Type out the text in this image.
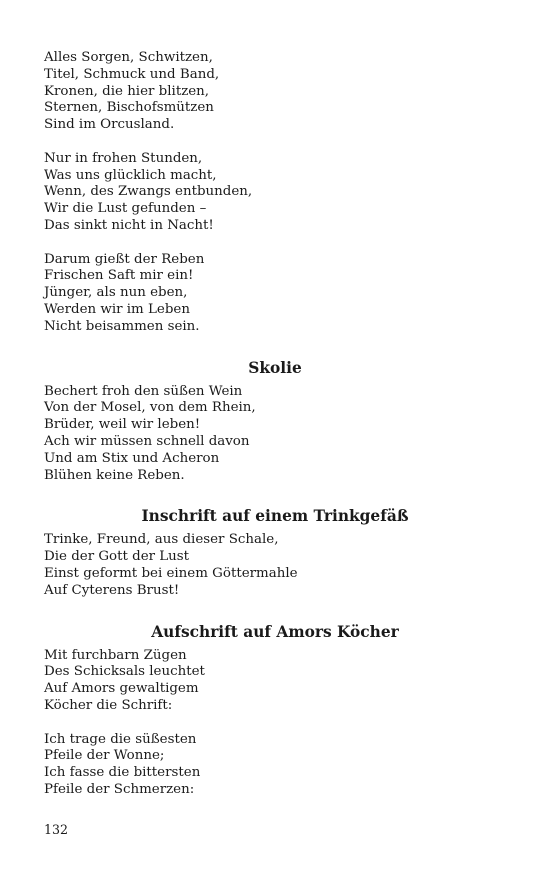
Alles Sorgen, Schwitzen,
Titel, Schmuck und Band,
Kronen, die hier blitzen,
Sternen, Bischofsmützen
Sind im Orcusland.
Nur in frohen Stunden,
Was uns glücklich macht,
Wenn, des Zwangs entbunden,
Wir die Lust gefunden –
Das sinkt nicht in Nacht!
Darum gießt der Reben
Frischen Saft mir ein!
Jünger, als nun eben,
Werden wir im Leben
Nicht beisammen sein.
Skolie
Bechert froh den süßen Wein
Von der Mosel, von dem Rhein,
Brüder, weil wir leben!
Ach wir müssen schnell davon
Und am Stix und Acheron
Blühen keine Reben.
Inschrift auf einem Trinkgefäß
Trinke, Freund, aus dieser Schale,
Die der Gott der Lust
Einst geformt bei einem Göttermahle
Auf Cyterens Brust!
Aufschrift auf Amors Köcher
Mit furchbarn Zügen
Des Schicksals leuchtet
Auf Amors gewaltigem
Köcher die Schrift:
Ich trage die süßesten
Pfeile der Wonne;
Ich fasse die bittersten
Pfeile der Schmerzen:
132
